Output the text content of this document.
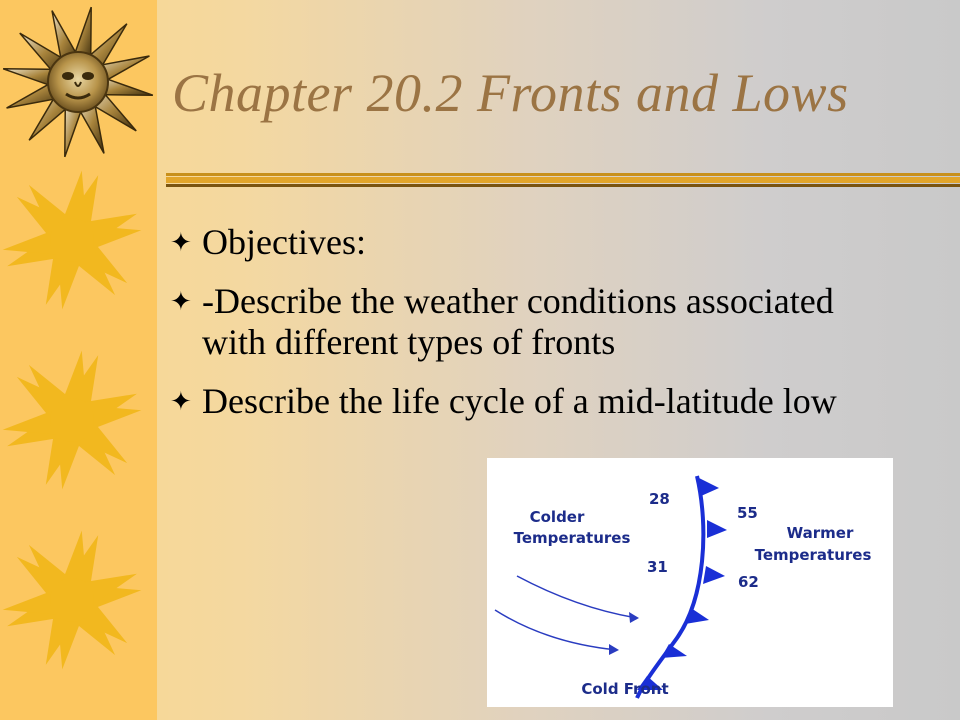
Chapter 20.2 Fronts and Lows
✦ Objectives:
✦ -Describe the weather conditions associated with different types of fronts
✦ Describe the life cycle of a mid-latitude low
Colder
Temperatures	Warmer
Temperatures
28
31
55
62
Cold Front
